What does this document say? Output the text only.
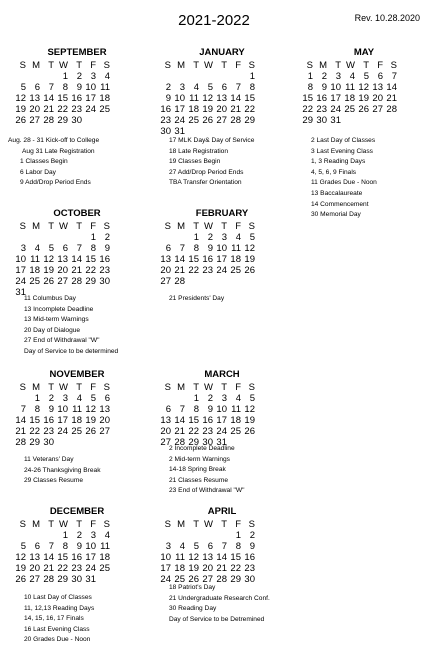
2021-2022	Rev. 10.28.2020
SEPTEMBER
S M T W T F S
1 2 3 4
5 6 7 8 9 10 11
12 13 14 15 16 17 18
19 20 21 22 23 24 25
26 27 28 29 30
Aug. 28 - 31 Kick-off to College
Aug 31 Late Registration
1 Classes Begin
6 Labor Day
9 Add/Drop Period Ends
JANUARY
S M T W T F S
1
2 3 4 5 6 7 8
9 10 11 12 13 14 15
16 17 18 19 20 21 22
23 24 25 26 27 28 29
30 31
17 MLK Day& Day of Service
18 Late Registration
19 Classes Begin
27 Add/Drop Period Ends
TBA Transfer Orientation
MAY
S M T W T F S
1 2 3 4 5 6 7
8 9 10 11 12 13 14
15 16 17 18 19 20 21
22 23 24 25 26 27 28
29 30 31
2 Last Day of Classes
3 Last Evening Class
1, 3 Reading Days
4, 5, 6, 9 Finals
11 Grades Due - Noon
13 Baccalaureate
14 Commencement
30 Memorial Day
OCTOBER
S M T W T F S
1 2
3 4 5 6 7 8 9
10 11 12 13 14 15 16
17 18 19 20 21 22 23
24 25 26 27 28 29 30
31
11 Columbus Day
13 Incomplete Deadline
13 Mid-term Warnings
20 Day of Dialogue
27 End of Withdrawal "W"
Day of Service to be determined
FEBRUARY
S M T W T F S
1 2 3 4 5
6 7 8 9 10 11 12
13 14 15 16 17 18 19
20 21 22 23 24 25 26
27 28
21 Presidents' Day
NOVEMBER
S M T W T F S
1 2 3 4 5 6
7 8 9 10 11 12 13
14 15 16 17 18 19 20
21 22 23 24 25 26 27
28 29 30
11 Veterans' Day
24-26 Thanksgiving Break
29 Classes Resume
MARCH
S M T W T F S
1 2 3 4 5
6 7 8 9 10 11 12
13 14 15 16 17 18 19
20 21 22 23 24 25 26
27 28 29 30 31
2 Incomplete Deadline
2 Mid-term Warnings
14-18 Spring Break
21 Classes Resume
23 End of Withdrawal "W"
DECEMBER
S M T W T F S
1 2 3 4
5 6 7 8 9 10 11
12 13 14 15 16 17 18
19 20 21 22 23 24 25
26 27 28 29 30 31
10 Last Day of Classes
11, 12,13 Reading Days
14, 15, 16, 17 Finals
16 Last Evening Class
20 Grades Due - Noon
APRIL
S M T W T F S
1 2
3 4 5 6 7 8 9
10 11 12 13 14 15 16
17 18 19 20 21 22 23
24 25 26 27 28 29 30
18 Patriot's Day
21 Undergraduate Research Conf.
30 Reading Day
Day of Service to be Detremined
